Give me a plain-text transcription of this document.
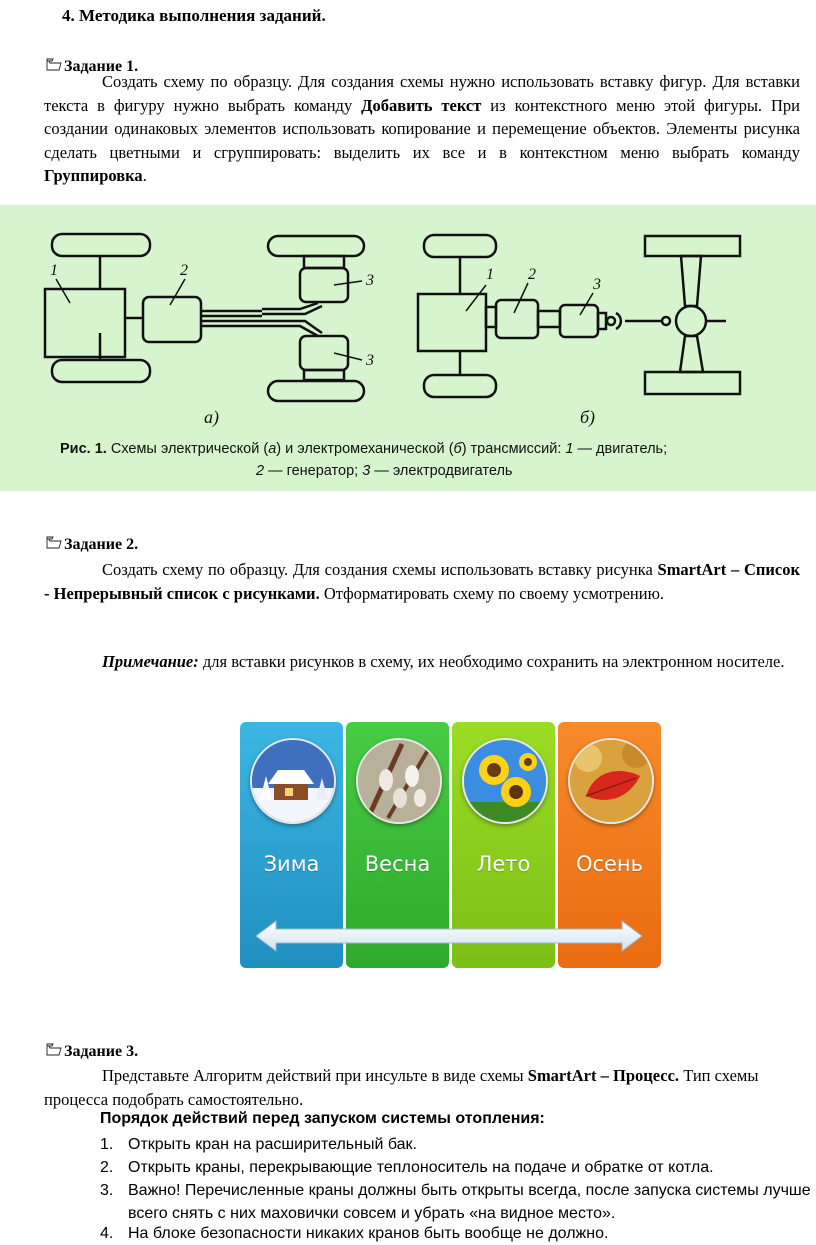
4. Методика выполнения заданий.
Задание 1.
Создать схему по образцу. Для создания схемы нужно использовать вставку фигур. Для вставки текста в фигуру нужно выбрать команду Добавить текст из контекстного меню этой фигуры. При создании одинаковых элементов использовать копирование и перемещение объектов. Элементы рисунка сделать цветными и сгруппировать: выделить их все и в контекстном меню выбрать команду Группировка.
1	2
3
3
1 2
3
а)	б)
Рис. 1. Схемы электрической (а) и электромеханической (б) трансмиссий: 1 — двигатель;
2 — генератор; 3 — электродвигатель
Задание 2.
Создать схему по образцу. Для создания схемы использовать вставку рисунка SmartArt – Список - Непрерывный список с рисунками. Отформатировать схему по своему усмотрению.
Примечание: для вставки рисунков в схему, их необходимо сохранить на электронном носителе.
Зима	Весна	Лето	Осень
Задание 3.
Представьте Алгоритм действий при инсульте в виде схемы SmartArt – Процесс. Тип схемы процесса подобрать самостоятельно.
Порядок действий перед запуском системы отопления:
1. Открыть кран на расширительный бак.
2. Открыть краны, перекрывающие теплоноситель на подаче и обратке от котла.
3. Важно! Перечисленные краны должны быть открыты всегда, после запуска системы лучше всего снять с них маховички совсем и убрать «на видное место».
4. На блоке безопасности никаких кранов быть вообще не должно.
